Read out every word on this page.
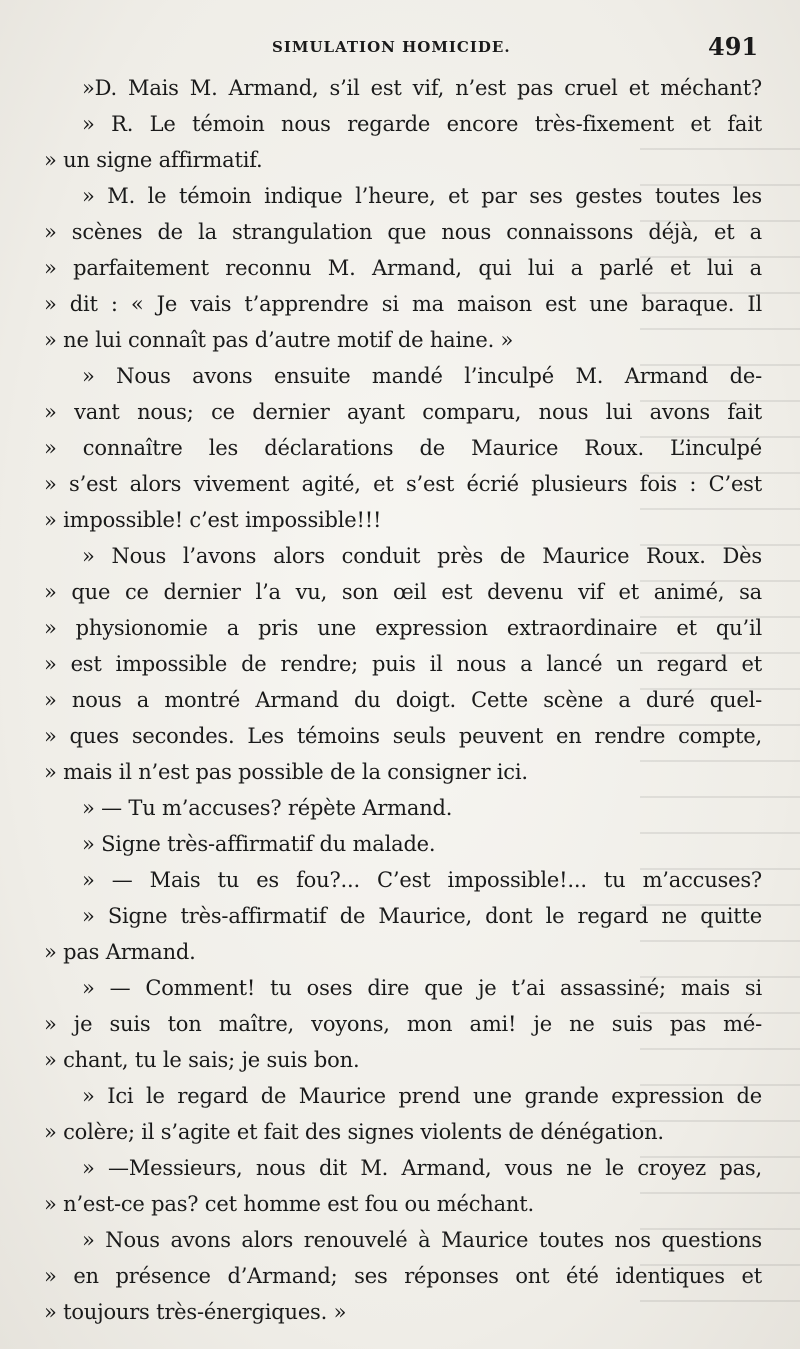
SIMULATION HOMICIDE.	491
»D. Mais M. Armand, s’il est vif, n’est pas cruel et méchant?
» R. Le témoin nous regarde encore très-fixement et fait
» un signe affirmatif.
» M. le témoin indique l’heure, et par ses gestes toutes les
» scènes de la strangulation que nous connaissons déjà, et a
» parfaitement reconnu M. Armand, qui lui a parlé et lui a
» dit : « Je vais t’apprendre si ma maison est une baraque. Il
» ne lui connaît pas d’autre motif de haine. »
» Nous avons ensuite mandé l’inculpé M. Armand de-
» vant nous; ce dernier ayant comparu, nous lui avons fait
» connaître les déclarations de Maurice Roux. L’inculpé
» s’est alors vivement agité, et s’est écrié plusieurs fois : C’est
» impossible! c’est impossible!!!
» Nous l’avons alors conduit près de Maurice Roux. Dès
» que ce dernier l’a vu, son œil est devenu vif et animé, sa
» physionomie a pris une expression extraordinaire et qu’il
» est impossible de rendre; puis il nous a lancé un regard et
» nous a montré Armand du doigt. Cette scène a duré quel-
» ques secondes. Les témoins seuls peuvent en rendre compte,
» mais il n’est pas possible de la consigner ici.
» — Tu m’accuses? répète Armand.
» Signe très-affirmatif du malade.
» — Mais tu es fou?... C’est impossible!... tu m’accuses?
» Signe très-affirmatif de Maurice, dont le regard ne quitte
» pas Armand.
» — Comment! tu oses dire que je t’ai assassiné; mais si
» je suis ton maître, voyons, mon ami! je ne suis pas mé-
» chant, tu le sais; je suis bon.
» Ici le regard de Maurice prend une grande expression de
» colère; il s’agite et fait des signes violents de dénégation.
» —Messieurs, nous dit M. Armand, vous ne le croyez pas,
» n’est-ce pas? cet homme est fou ou méchant.
» Nous avons alors renouvelé à Maurice toutes nos questions
» en présence d’Armand; ses réponses ont été identiques et
» toujours très-énergiques. »
